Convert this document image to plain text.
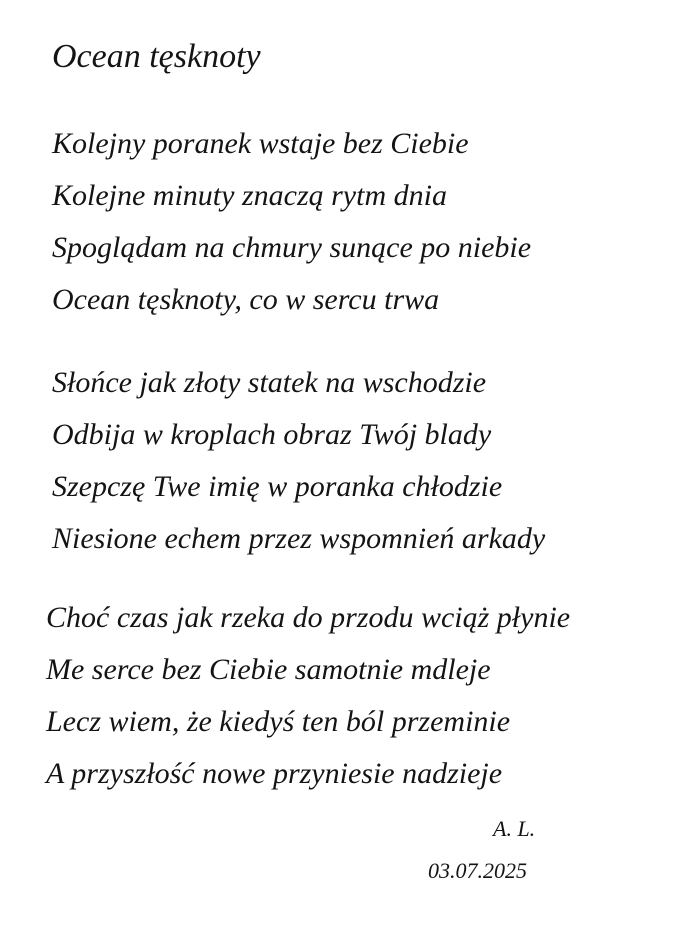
Ocean tęsknoty
Kolejny poranek wstaje bez Ciebie
Kolejne minuty znaczą rytm dnia
Spoglądam na chmury sunące po niebie
Ocean tęsknoty, co w sercu trwa
Słońce jak złoty statek na wschodzie
Odbija w kroplach obraz Twój blady
Szepczę Twe imię w poranka chłodzie
Niesione echem przez wspomnień arkady
Choć czas jak rzeka do przodu wciąż płynie
Me serce bez Ciebie samotnie mdleje
Lecz wiem, że kiedyś ten ból przeminie
A przyszłość nowe przyniesie nadzieje
A. L.
03.07.2025
